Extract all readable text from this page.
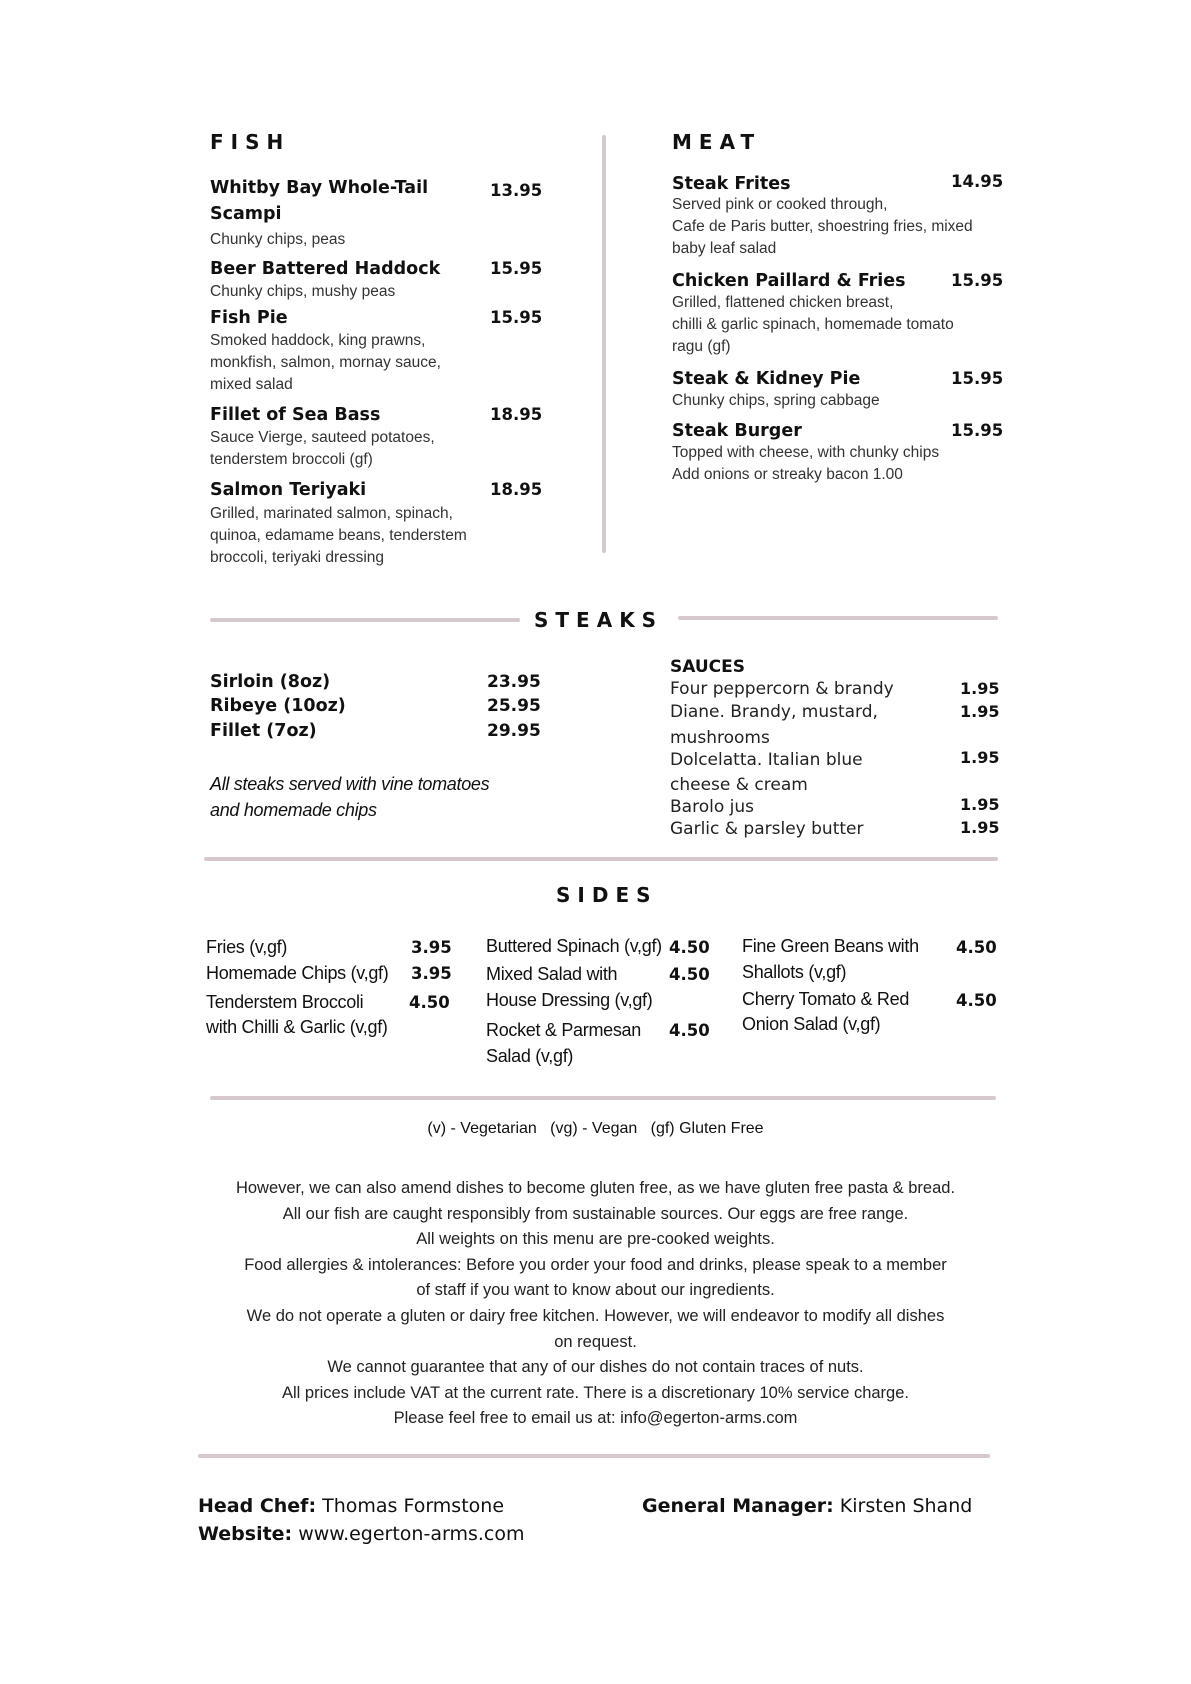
FISH
Whitby Bay Whole-Tail
Scampi
13.95
Chunky chips, peas
Beer Battered Haddock	15.95
Chunky chips, mushy peas
Fish Pie	15.95
Smoked haddock, king prawns,
monkfish, salmon, mornay sauce,
mixed salad
Fillet of Sea Bass	18.95
Sauce Vierge, sauteed potatoes,
tenderstem broccoli (gf)
Salmon Teriyaki	18.95
Grilled, marinated salmon, spinach,
quinoa, edamame beans, tenderstem
broccoli, teriyaki dressing
MEAT
Steak Frites	14.95
Served pink or cooked through,
Cafe de Paris butter, shoestring fries, mixed
baby leaf salad
Chicken Paillard & Fries	15.95
Grilled, flattened chicken breast,
chilli & garlic spinach, homemade tomato
ragu (gf)
Steak & Kidney Pie	15.95
Chunky chips, spring cabbage
Steak Burger	15.95
Topped with cheese, with chunky chips
Add onions or streaky bacon 1.00
STEAKS
Sirloin (8oz)	23.95
Ribeye (10oz)	25.95
Fillet (7oz)	29.95
All steaks served with vine tomatoes
and homemade chips
SAUCES
Four peppercorn & brandy	1.95
Diane. Brandy, mustard,
mushrooms
1.95
Dolcelatta. Italian blue
cheese & cream
1.95
Barolo jus	1.95
Garlic & parsley butter	1.95
SIDES
Fries (v,gf)	3.95
Homemade Chips (v,gf) 3.95
Tenderstem Broccoli
with Chilli & Garlic (v,gf)
4.50
Buttered Spinach (v,gf) 4.50
Mixed Salad with
House Dressing (v,gf)
4.50
Rocket & Parmesan
Salad (v,gf)
4.50
Fine Green Beans with
Shallots (v,gf)
4.50
Cherry Tomato & Red
Onion Salad (v,gf)
4.50
(v) - Vegetarian   (vg) - Vegan   (gf) Gluten Free
However, we can also amend dishes to become gluten free, as we have gluten free pasta & bread.
All our fish are caught responsibly from sustainable sources. Our eggs are free range.
All weights on this menu are pre-cooked weights.
Food allergies & intolerances: Before you order your food and drinks, please speak to a member
of staff if you want to know about our ingredients.
We do not operate a gluten or dairy free kitchen. However, we will endeavor to modify all dishes
on request.
We cannot guarantee that any of our dishes do not contain traces of nuts.
All prices include VAT at the current rate. There is a discretionary 10% service charge.
Please feel free to email us at: info@egerton-arms.com
Head Chef: Thomas Formstone
Website: www.egerton-arms.com
General Manager: Kirsten Shand
